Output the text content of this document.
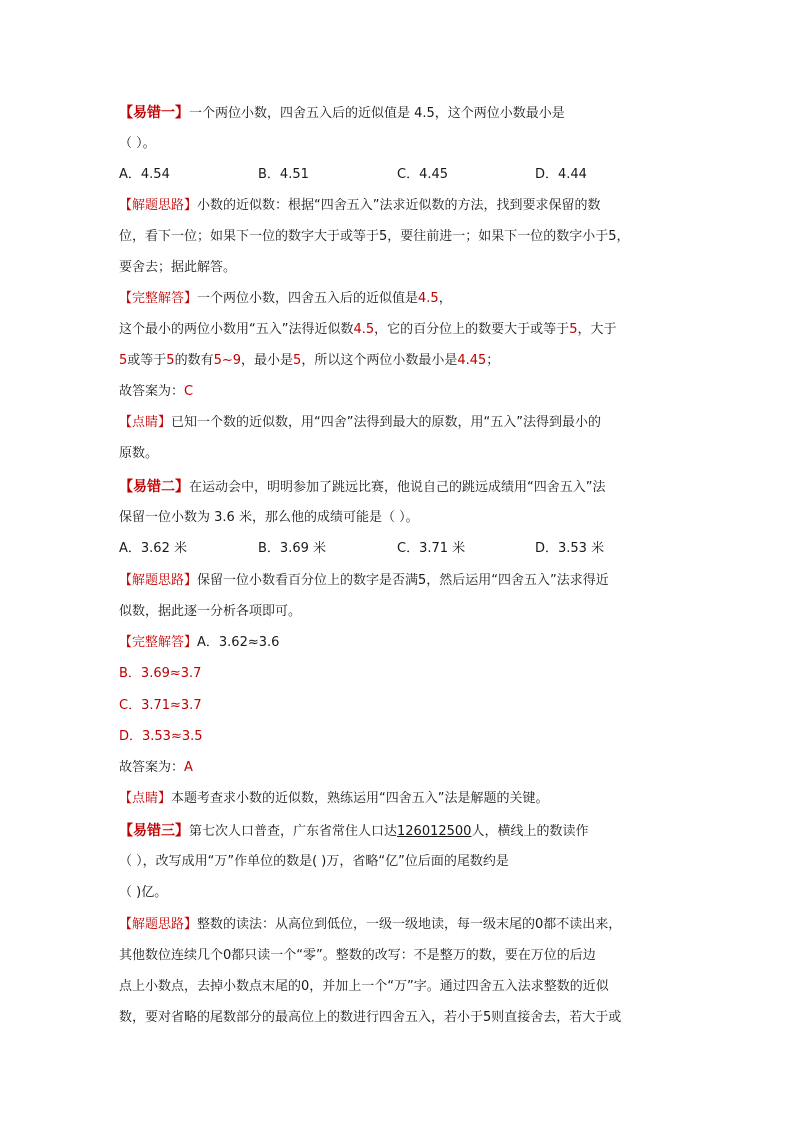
【易错一】一个两位小数，四舍五入后的近似值是 4.5，这个两位小数最小是
（ ）。
A．4.54	B．4.51	C．4.45	D．4.44
【解题思路】小数的近似数：根据“四舍五入”法求近似数的方法，找到要求保留的数
位，看下一位；如果下一位的数字大于或等于5，要往前进一；如果下一位的数字小于5，
要舍去；据此解答。
【完整解答】一个两位小数，四舍五入后的近似值是4.5，
这个最小的两位小数用“五入”法得近似数4.5，它的百分位上的数要大于或等于5，大于
5或等于5的数有5~9，最小是5，所以这个两位小数最小是4.45；
故答案为：C
【点睛】已知一个数的近似数，用“四舍”法得到最大的原数，用“五入”法得到最小的
原数。
【易错二】在运动会中，明明参加了跳远比赛，他说自己的跳远成绩用“四舍五入”法
保留一位小数为 3.6 米，那么他的成绩可能是（ ）。
A．3.62 米	B．3.69 米	C．3.71 米	D．3.53 米
【解题思路】保留一位小数看百分位上的数字是否满5，然后运用“四舍五入”法求得近
似数，据此逐一分析各项即可。
【完整解答】A．3.62≈3.6
B．3.69≈3.7
C．3.71≈3.7
D．3.53≈3.5
故答案为：A
【点睛】本题考查求小数的近似数，熟练运用“四舍五入”法是解题的关键。
【易错三】第七次人口普查，广东省常住人口达126012500人，横线上的数读作
（ ），改写成用“万”作单位的数是( )万，省略“亿”位后面的尾数约是
（ )亿。
【解题思路】整数的读法：从高位到低位，一级一级地读，每一级末尾的0都不读出来，
其他数位连续几个0都只读一个“零”。整数的改写：不是整万的数，要在万位的后边
点上小数点，去掉小数点末尾的0，并加上一个“万”字。通过四舍五入法求整数的近似
数，要对省略的尾数部分的最高位上的数进行四舍五入，若小于5则直接舍去，若大于或
